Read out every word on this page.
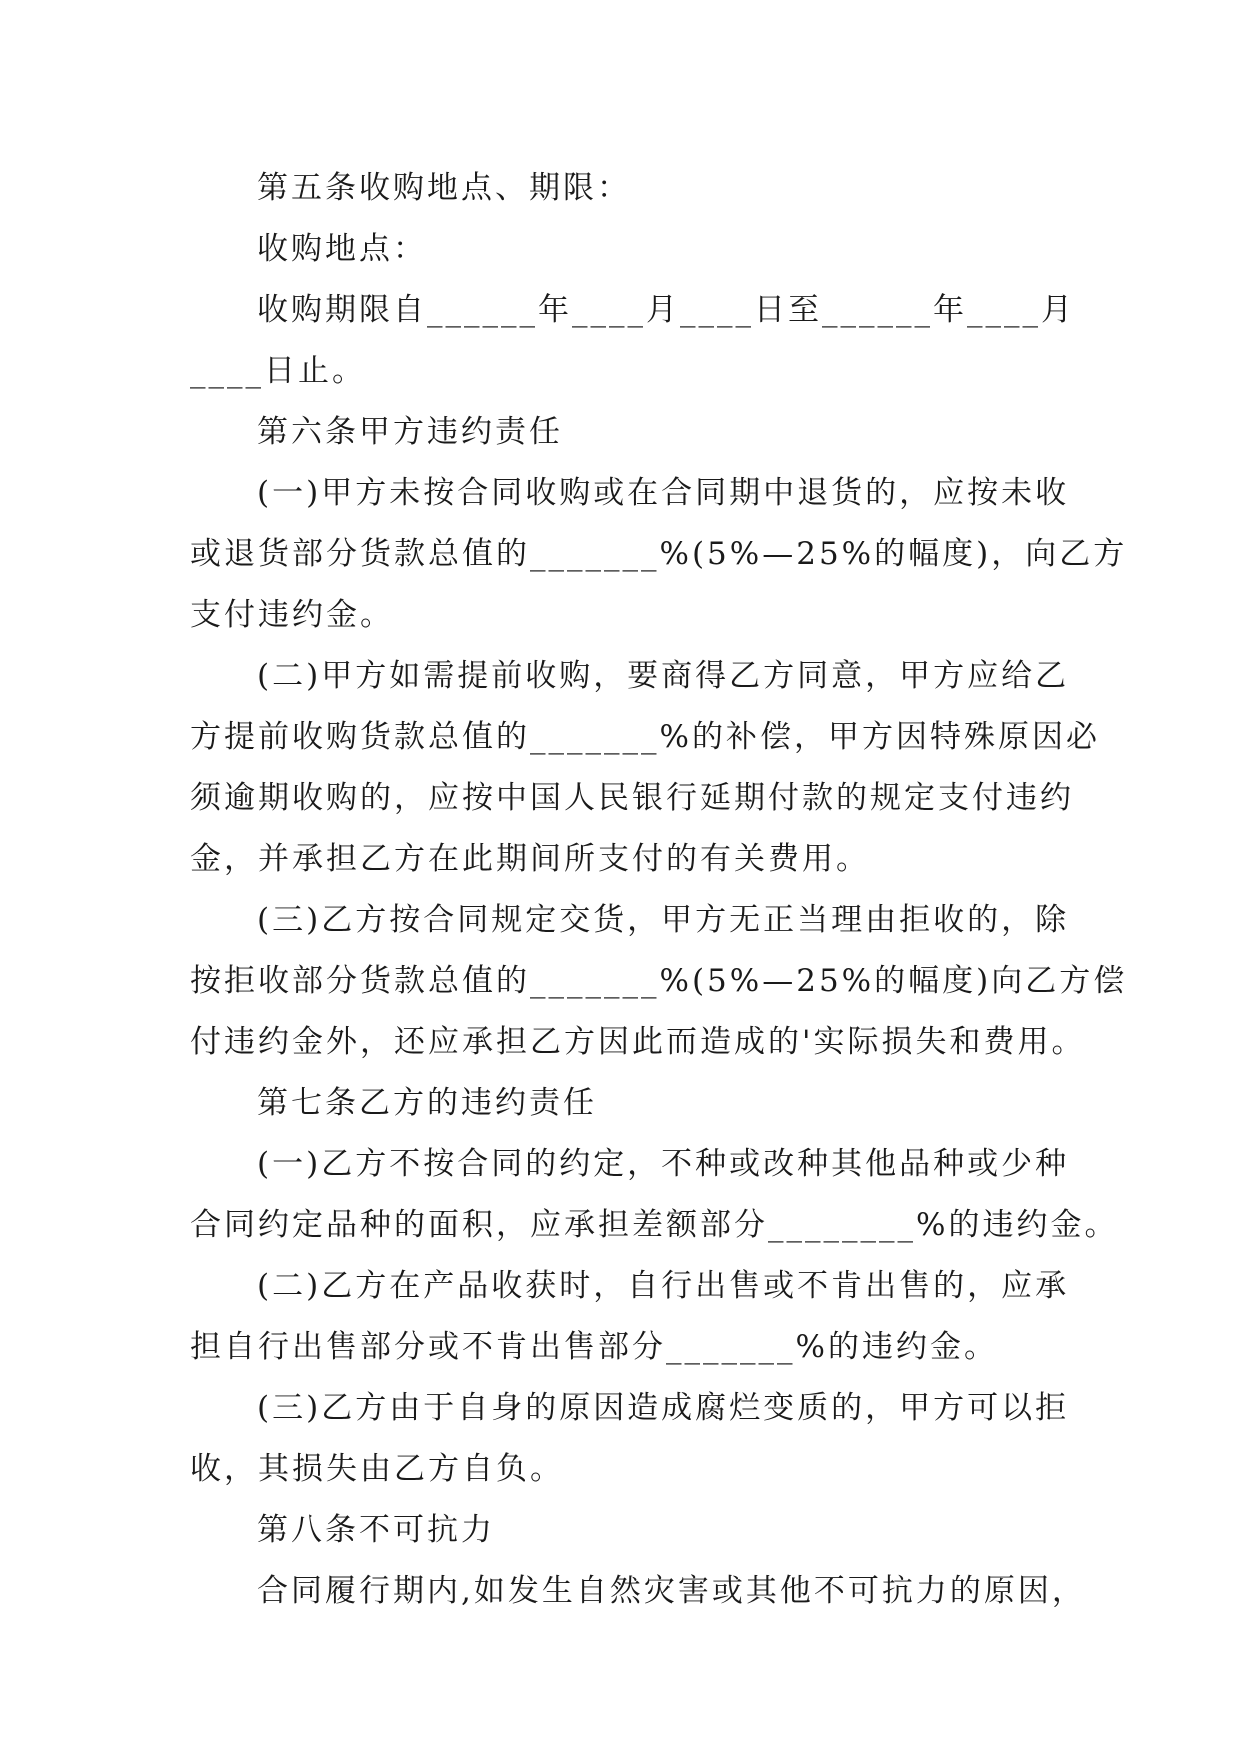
第五条收购地点、期限：
收购地点：
收购期限自______年____月____日至______年____月
____日止。
第六条甲方违约责任
(一)甲方未按合同收购或在合同期中退货的，应按未收
或退货部分货款总值的_______%(5%—25%的幅度)，向乙方
支付违约金。
(二)甲方如需提前收购，要商得乙方同意，甲方应给乙
方提前收购货款总值的_______%的补偿，甲方因特殊原因必
须逾期收购的，应按中国人民银行延期付款的规定支付违约
金，并承担乙方在此期间所支付的有关费用。
(三)乙方按合同规定交货，甲方无正当理由拒收的，除
按拒收部分货款总值的_______%(5%—25%的幅度)向乙方偿
付违约金外，还应承担乙方因此而造成的'实际损失和费用。
第七条乙方的违约责任
(一)乙方不按合同的约定，不种或改种其他品种或少种
合同约定品种的面积，应承担差额部分________%的违约金。
(二)乙方在产品收获时，自行出售或不肯出售的，应承
担自行出售部分或不肯出售部分_______%的违约金。
(三)乙方由于自身的原因造成腐烂变质的，甲方可以拒
收，其损失由乙方自负。
第八条不可抗力
合同履行期内,如发生自然灾害或其他不可抗力的原因，
